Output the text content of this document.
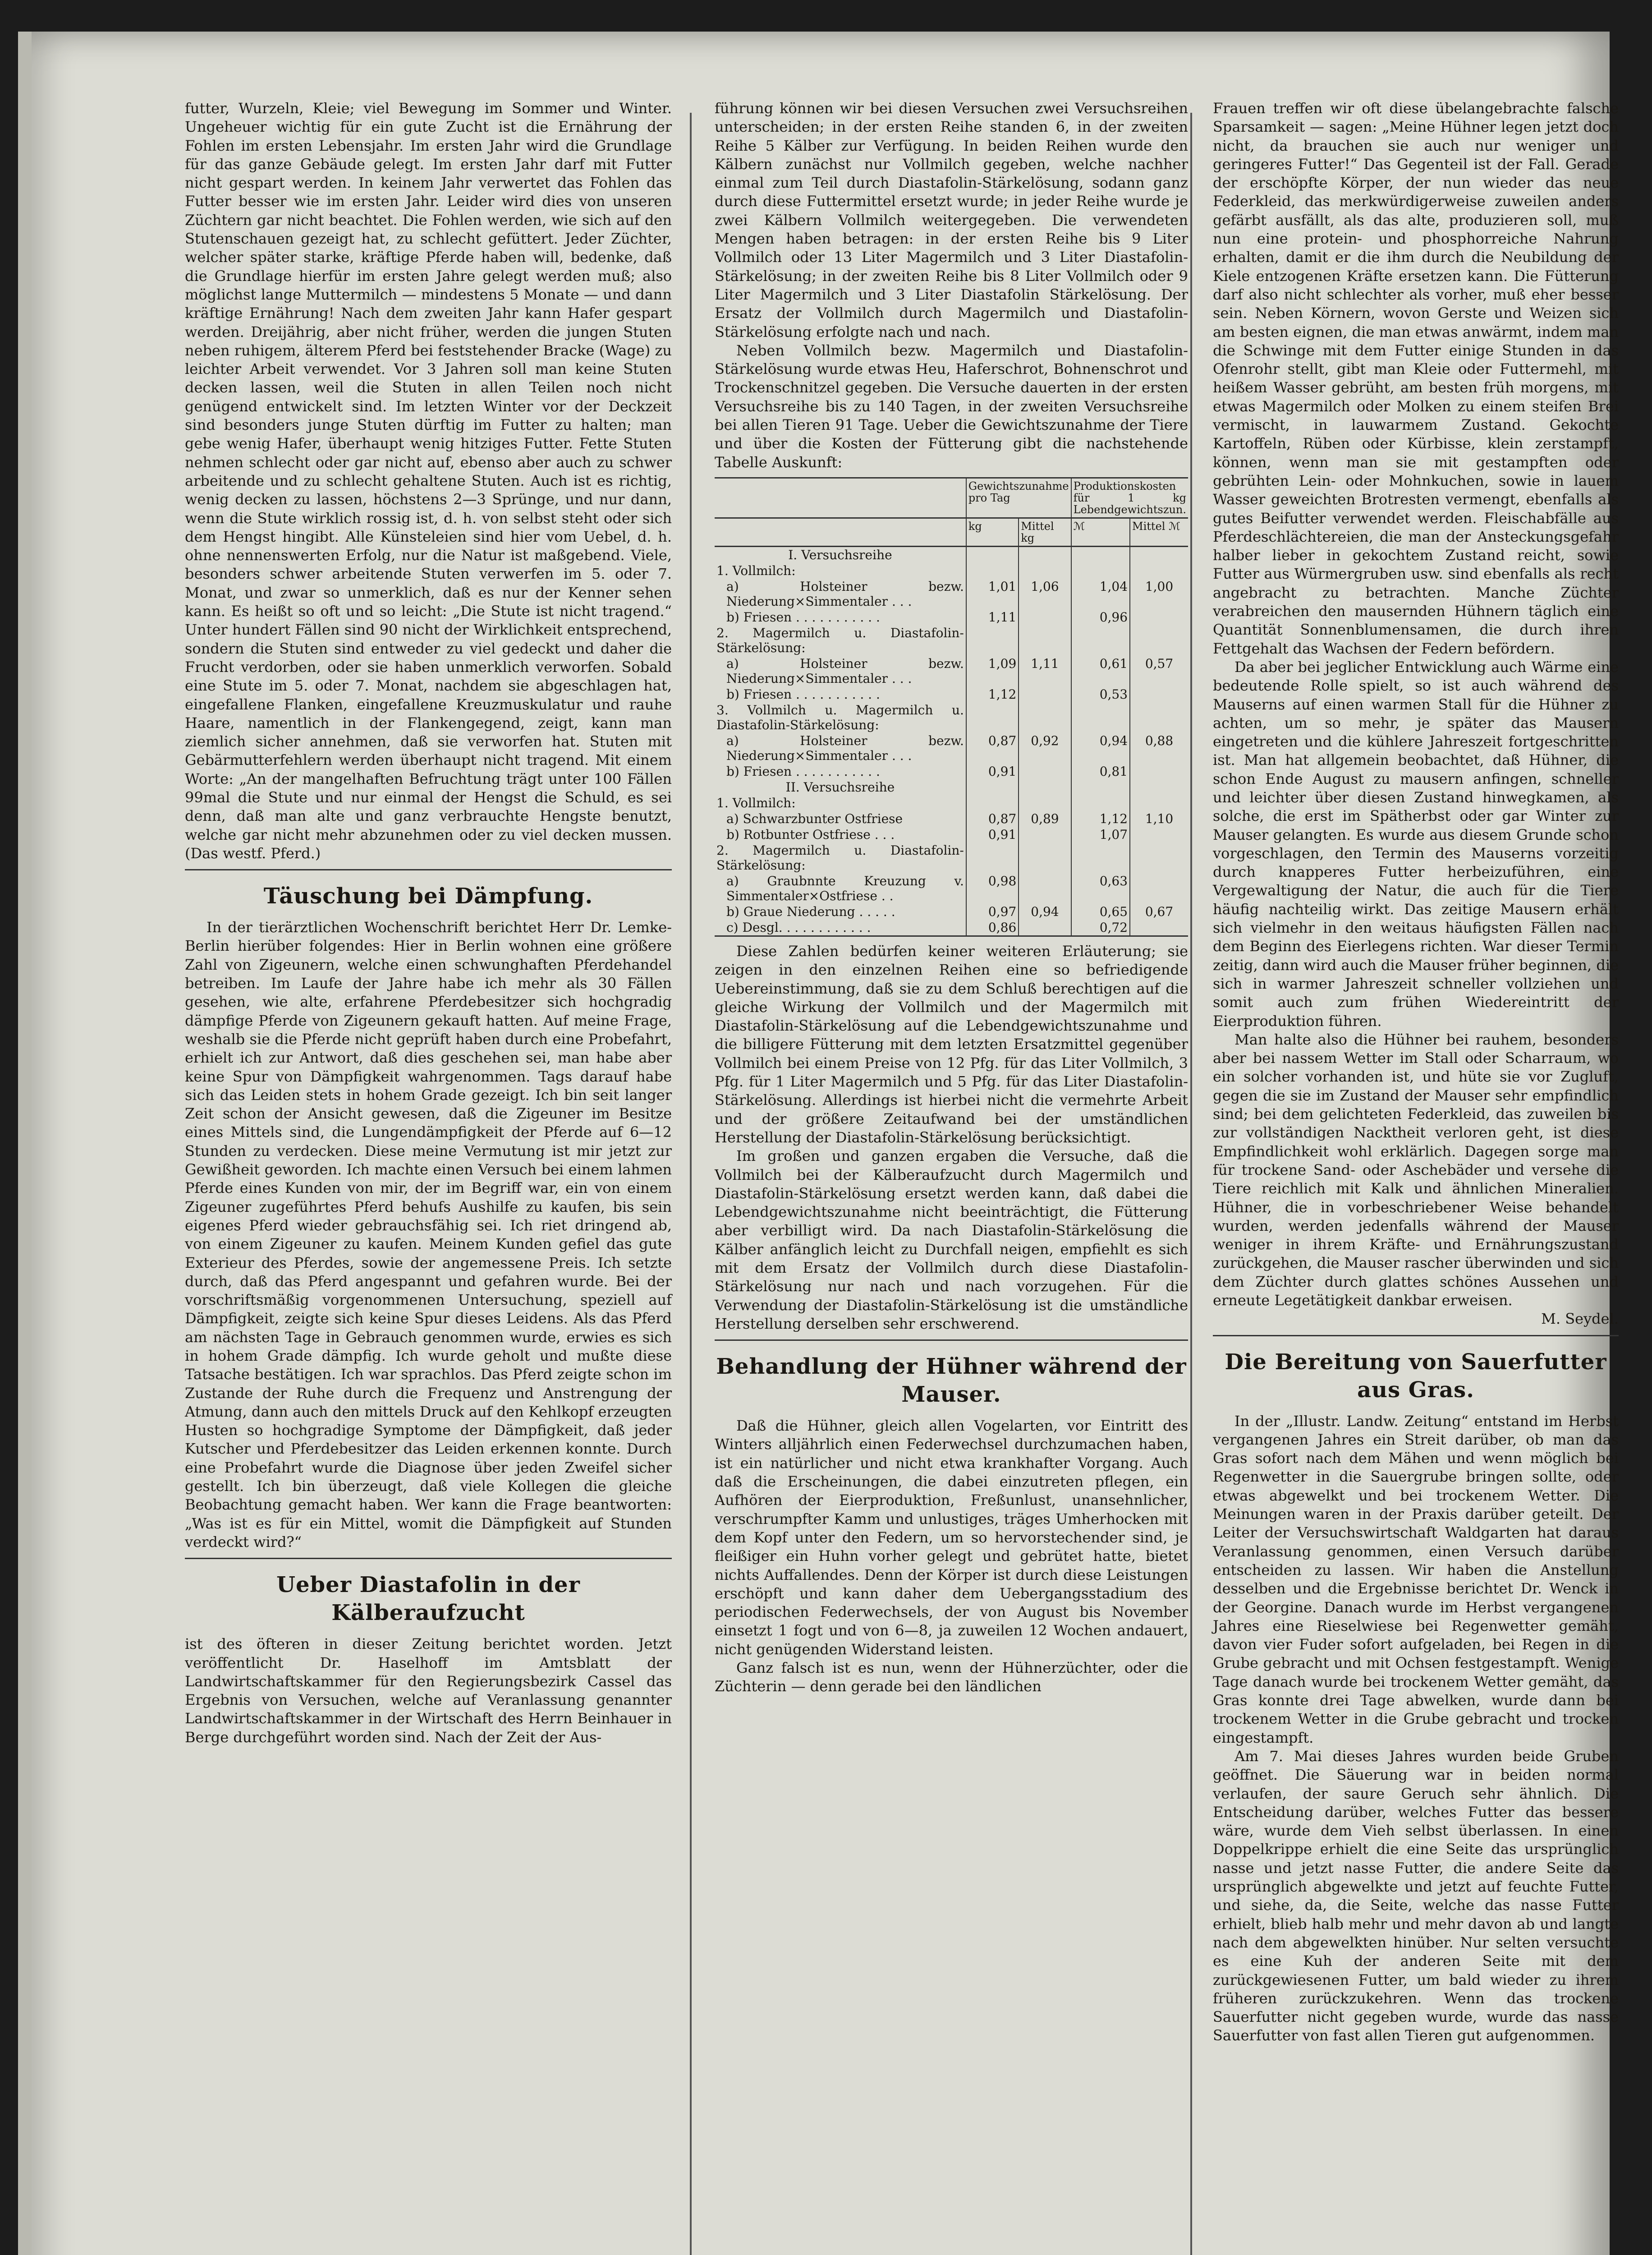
futter, Wurzeln, Kleie; viel Bewegung im Sommer und Winter. Ungeheuer wichtig für ein gute Zucht ist die Ernährung der Fohlen im ersten Lebensjahr. Im ersten Jahr wird die Grundlage für das ganze Gebäude gelegt. Im ersten Jahr darf mit Futter nicht gespart werden. In keinem Jahr verwertet das Fohlen das Futter besser wie im ersten Jahr. Leider wird dies von unseren Züchtern gar nicht beachtet. Die Fohlen werden, wie sich auf den Stutenschauen gezeigt hat, zu schlecht gefüttert. Jeder Züchter, welcher später starke, kräftige Pferde haben will, bedenke, daß die Grundlage hierfür im ersten Jahre gelegt werden muß; also möglichst lange Muttermilch — mindestens 5 Monate — und dann kräftige Ernährung! Nach dem zweiten Jahr kann Hafer gespart werden. Dreijährig, aber nicht früher, werden die jungen Stuten neben ruhigem, älterem Pferd bei feststehender Bracke (Wage) zu leichter Arbeit verwendet. Vor 3 Jahren soll man keine Stuten decken lassen, weil die Stuten in allen Teilen noch nicht genügend entwickelt sind. Im letzten Winter vor der Deckzeit sind besonders junge Stuten dürftig im Futter zu halten; man gebe wenig Hafer, überhaupt wenig hitziges Futter. Fette Stuten nehmen schlecht oder gar nicht auf, ebenso aber auch zu schwer arbeitende und zu schlecht gehaltene Stuten. Auch ist es richtig, wenig decken zu lassen, höchstens 2—3 Sprünge, und nur dann, wenn die Stute wirklich rossig ist, d. h. von selbst steht oder sich dem Hengst hingibt. Alle Künsteleien sind hier vom Uebel, d. h. ohne nennenswerten Erfolg, nur die Natur ist maßgebend. Viele, besonders schwer arbeitende Stuten verwerfen im 5. oder 7. Monat, und zwar so unmerklich, daß es nur der Kenner sehen kann. Es heißt so oft und so leicht: „Die Stute ist nicht tragend.“ Unter hundert Fällen sind 90 nicht der Wirklichkeit entsprechend, sondern die Stuten sind entweder zu viel gedeckt und daher die Frucht verdorben, oder sie haben unmerklich verworfen. Sobald eine Stute im 5. oder 7. Monat, nachdem sie abgeschlagen hat, eingefallene Flanken, eingefallene Kreuzmuskulatur und rauhe Haare, namentlich in der Flankengegend, zeigt, kann man ziemlich sicher annehmen, daß sie verworfen hat. Stuten mit Gebärmutterfehlern werden überhaupt nicht tragend. Mit einem Worte: „An der mangelhaften Befruchtung trägt unter 100 Fällen 99mal die Stute und nur einmal der Hengst die Schuld, es sei denn, daß man alte und ganz verbrauchte Hengste benutzt, welche gar nicht mehr abzunehmen oder zu viel decken mussen. (Das westf. Pferd.)

Täuschung bei Dämpfung.

In der tierärztlichen Wochenschrift berichtet Herr Dr. Lemke-Berlin hierüber folgendes: Hier in Berlin wohnen eine größere Zahl von Zigeunern, welche einen schwunghaften Pferdehandel betreiben. Im Laufe der Jahre habe ich mehr als 30 Fällen gesehen, wie alte, erfahrene Pferdebesitzer sich hochgradig dämpfige Pferde von Zigeunern gekauft hatten. Auf meine Frage, weshalb sie die Pferde nicht geprüft haben durch eine Probefahrt, erhielt ich zur Antwort, daß dies geschehen sei, man habe aber keine Spur von Dämpfigkeit wahrgenommen. Tags darauf habe sich das Leiden stets in hohem Grade gezeigt. Ich bin seit langer Zeit schon der Ansicht gewesen, daß die Zigeuner im Besitze eines Mittels sind, die Lungendämpfigkeit der Pferde auf 6—12 Stunden zu verdecken. Diese meine Vermutung ist mir jetzt zur Gewißheit geworden. Ich machte einen Versuch bei einem lahmen Pferde eines Kunden von mir, der im Begriff war, ein von einem Zigeuner zugeführtes Pferd behufs Aushilfe zu kaufen, bis sein eigenes Pferd wieder gebrauchsfähig sei. Ich riet dringend ab, von einem Zigeuner zu kaufen. Meinem Kunden gefiel das gute Exterieur des Pferdes, sowie der angemessene Preis. Ich setzte durch, daß das Pferd angespannt und gefahren wurde. Bei der vorschriftsmäßig vorgenommenen Untersuchung, speziell auf Dämpfigkeit, zeigte sich keine Spur dieses Leidens. Als das Pferd am nächsten Tage in Gebrauch genommen wurde, erwies es sich in hohem Grade dämpfig. Ich wurde geholt und mußte diese Tatsache bestätigen. Ich war sprachlos. Das Pferd zeigte schon im Zustande der Ruhe durch die Frequenz und Anstrengung der Atmung, dann auch den mittels Druck auf den Kehlkopf erzeugten Husten so hochgradige Symptome der Dämpfigkeit, daß jeder Kutscher und Pferdebesitzer das Leiden erkennen konnte. Durch eine Probefahrt wurde die Diagnose über jeden Zweifel sicher gestellt. Ich bin überzeugt, daß viele Kollegen die gleiche Beobachtung gemacht haben. Wer kann die Frage beantworten: „Was ist es für ein Mittel, womit die Dämpfigkeit auf Stunden verdeckt wird?“

Ueber Diastafolin in der Kälberaufzucht

ist des öfteren in dieser Zeitung berichtet worden. Jetzt veröffentlicht Dr. Haselhoff im Amtsblatt der Landwirtschaftskammer für den Regierungsbezirk Cassel das Ergebnis von Versuchen, welche auf Veranlassung genannter Landwirtschaftskammer in der Wirtschaft des Herrn Beinhauer in Berge durchgeführt worden sind. Nach der Zeit der Aus-

führung können wir bei diesen Versuchen zwei Versuchsreihen unterscheiden; in der ersten Reihe standen 6, in der zweiten Reihe 5 Kälber zur Verfügung. In beiden Reihen wurde den Kälbern zunächst nur Vollmilch gegeben, welche nachher einmal zum Teil durch Diastafolin-Stärkelösung, sodann ganz durch diese Futtermittel ersetzt wurde; in jeder Reihe wurde je zwei Kälbern Vollmilch weitergegeben. Die verwendeten Mengen haben betragen: in der ersten Reihe bis 9 Liter Vollmilch oder 13 Liter Magermilch und 3 Liter Diastafolin-Stärkelösung; in der zweiten Reihe bis 8 Liter Vollmilch oder 9 Liter Magermilch und 3 Liter Diastafolin Stärkelösung. Der Ersatz der Vollmilch durch Magermilch und Diastafolin-Stärkelösung erfolgte nach und nach.

Neben Vollmilch bezw. Magermilch und Diastafolin-Stärkelösung wurde etwas Heu, Haferschrot, Bohnenschrot und Trockenschnitzel gegeben. Die Versuche dauerten in der ersten Versuchsreihe bis zu 140 Tagen, in der zweiten Versuchsreihe bei allen Tieren 91 Tage. Ueber die Gewichtszunahme der Tiere und über die Kosten der Fütterung gibt die nachstehende Tabelle Auskunft:

	Gewichtszunahme pro Tag		Produktionskosten für 1 kg Lebendgewichtszun.	
	kg	Mittel kg	ℳ	Mittel ℳ
I. Versuchsreihe				
1. Vollmilch:				
a) Holsteiner bezw. Niederung×Simmentaler . . .	1,01	1,06	1,04	1,00
b) Friesen . . . . . . . . . . .	1,11		0,96	
2. Magermilch u. Diastafolin-Stärkelösung:				
a) Holsteiner bezw. Niederung×Simmentaler . . .	1,09	1,11	0,61	0,57
b) Friesen . . . . . . . . . . .	1,12		0,53	
3. Vollmilch u. Magermilch u. Diastafolin-Stärkelösung:				
a) Holsteiner bezw. Niederung×Simmentaler . . .	0,87	0,92	0,94	0,88
b) Friesen . . . . . . . . . . .	0,91		0,81	
II. Versuchsreihe				
1. Vollmilch:				
a) Schwarzbunter Ostfriese	0,87	0,89	1,12	1,10
b) Rotbunter Ostfriese . . .	0,91		1,07	
2. Magermilch u. Diastafolin-Stärkelösung:				
a) Graubnnte Kreuzung v. Simmentaler×Ostfriese . .	0,98		0,63	
b) Graue Niederung . . . . .	0,97	0,94	0,65	0,67
c) Desgl. . . . . . . . . . . .	0,86		0,72	

Diese Zahlen bedürfen keiner weiteren Erläuterung; sie zeigen in den einzelnen Reihen eine so befriedigende Uebereinstimmung, daß sie zu dem Schluß berechtigen auf die gleiche Wirkung der Vollmilch und der Magermilch mit Diastafolin-Stärkelösung auf die Lebendgewichtszunahme und die billigere Fütterung mit dem letzten Ersatzmittel gegenüber Vollmilch bei einem Preise von 12 Pfg. für das Liter Vollmilch, 3 Pfg. für 1 Liter Magermilch und 5 Pfg. für das Liter Diastafolin-Stärkelösung. Allerdings ist hierbei nicht die vermehrte Arbeit und der größere Zeitaufwand bei der umständlichen Herstellung der Diastafolin-Stärkelösung berücksichtigt.

Im großen und ganzen ergaben die Versuche, daß die Vollmilch bei der Kälberaufzucht durch Magermilch und Diastafolin-Stärkelösung ersetzt werden kann, daß dabei die Lebendgewichtszunahme nicht beeinträchtigt, die Fütterung aber verbilligt wird. Da nach Diastafolin-Stärkelösung die Kälber anfänglich leicht zu Durchfall neigen, empfiehlt es sich mit dem Ersatz der Vollmilch durch diese Diastafolin-Stärkelösung nur nach und nach vorzugehen. Für die Verwendung der Diastafolin-Stärkelösung ist die umständliche Herstellung derselben sehr erschwerend.

Behandlung der Hühner während der Mauser.

Daß die Hühner, gleich allen Vogelarten, vor Eintritt des Winters alljährlich einen Federwechsel durchzumachen haben, ist ein natürlicher und nicht etwa krankhafter Vorgang. Auch daß die Erscheinungen, die dabei einzutreten pflegen, ein Aufhören der Eierproduktion, Freßunlust, unansehnlicher, verschrumpfter Kamm und unlustiges, träges Umherhocken mit dem Kopf unter den Federn, um so hervorstechender sind, je fleißiger ein Huhn vorher gelegt und gebrütet hatte, bietet nichts Auffallendes. Denn der Körper ist durch diese Leistungen erschöpft und kann daher dem Uebergangsstadium des periodischen Federwechsels, der von August bis November einsetzt 1 fogt und von 6—8, ja zuweilen 12 Wochen andauert, nicht genügenden Widerstand leisten.

Ganz falsch ist es nun, wenn der Hühnerzüchter, oder die Züchterin — denn gerade bei den ländlichen

Frauen treffen wir oft diese übelangebrachte falsche Sparsamkeit — sagen: „Meine Hühner legen jetzt doch nicht, da brauchen sie auch nur weniger und geringeres Futter!“ Das Gegenteil ist der Fall. Gerade der erschöpfte Körper, der nun wieder das neue Federkleid, das merkwürdigerweise zuweilen anders gefärbt ausfällt, als das alte, produzieren soll, muß nun eine protein- und phosphorreiche Nahrung erhalten, damit er die ihm durch die Neubildung der Kiele entzogenen Kräfte ersetzen kann. Die Fütterung darf also nicht schlechter als vorher, muß eher besser sein. Neben Körnern, wovon Gerste und Weizen sich am besten eignen, die man etwas anwärmt, indem man die Schwinge mit dem Futter einige Stunden in das Ofenrohr stellt, gibt man Kleie oder Futtermehl, mit heißem Wasser gebrüht, am besten früh morgens, mit etwas Magermilch oder Molken zu einem steifen Brei vermischt, in lauwarmem Zustand. Gekochte Kartoffeln, Rüben oder Kürbisse, klein zerstampft, können, wenn man sie mit gestampften oder gebrühten Lein- oder Mohnkuchen, sowie in lauem Wasser geweichten Brotresten vermengt, ebenfalls als gutes Beifutter verwendet werden. Fleischabfälle aus Pferdeschlächtereien, die man der Ansteckungsgefahr halber lieber in gekochtem Zustand reicht, sowie Futter aus Würmergruben usw. sind ebenfalls als recht angebracht zu betrachten. Manche Züchter verabreichen den mausernden Hühnern täglich eine Quantität Sonnenblumensamen, die durch ihren Fettgehalt das Wachsen der Federn befördern.

Da aber bei jeglicher Entwicklung auch Wärme eine bedeutende Rolle spielt, so ist auch während des Mauserns auf einen warmen Stall für die Hühner zu achten, um so mehr, je später das Mausern eingetreten und die kühlere Jahreszeit fortgeschritten ist. Man hat allgemein beobachtet, daß Hühner, die schon Ende August zu mausern anfingen, schneller und leichter über diesen Zustand hinwegkamen, als solche, die erst im Spätherbst oder gar Winter zur Mauser gelangten. Es wurde aus diesem Grunde schon vorgeschlagen, den Termin des Mauserns vorzeitig durch knapperes Futter herbeizuführen, eine Vergewaltigung der Natur, die auch für die Tiere häufig nachteilig wirkt. Das zeitige Mausern erhält sich vielmehr in den weitaus häufigsten Fällen nach dem Beginn des Eierlegens richten. War dieser Termin zeitig, dann wird auch die Mauser früher beginnen, die sich in warmer Jahreszeit schneller vollziehen und somit auch zum frühen Wiedereintritt der Eierproduktion führen.

Man halte also die Hühner bei rauhem, besonders aber bei nassem Wetter im Stall oder Scharraum, wo ein solcher vorhanden ist, und hüte sie vor Zugluft, gegen die sie im Zustand der Mauser sehr empfindlich sind; bei dem gelichteten Federkleid, das zuweilen bis zur vollständigen Nacktheit verloren geht, ist diese Empfindlichkeit wohl erklärlich. Dagegen sorge man für trockene Sand- oder Aschebäder und versehe die Tiere reichlich mit Kalk und ähnlichen Mineralien. Hühner, die in vorbeschriebener Weise behandelt wurden, werden jedenfalls während der Mauser weniger in ihrem Kräfte- und Ernährungszustand zurückgehen, die Mauser rascher überwinden und sich dem Züchter durch glattes schönes Aussehen und erneute Legetätigkeit dankbar erweisen.

M. Seydel.
Die Bereitung von Sauerfutter aus Gras.

In der „Illustr. Landw. Zeitung“ entstand im Herbst vergangenen Jahres ein Streit darüber, ob man das Gras sofort nach dem Mähen und wenn möglich bei Regenwetter in die Sauergrube bringen sollte, oder etwas abgewelkt und bei trockenem Wetter. Die Meinungen waren in der Praxis darüber geteilt. Der Leiter der Versuchswirtschaft Waldgarten hat daraus Veranlassung genommen, einen Versuch darüber entscheiden zu lassen. Wir haben die Anstellung desselben und die Ergebnisse berichtet Dr. Wenck in der Georgine. Danach wurde im Herbst vergangenen Jahres eine Rieselwiese bei Regenwetter gemäht, davon vier Fuder sofort aufgeladen, bei Regen in die Grube gebracht und mit Ochsen festgestampft. Wenige Tage danach wurde bei trockenem Wetter gemäht, das Gras konnte drei Tage abwelken, wurde dann bei trockenem Wetter in die Grube gebracht und trocken eingestampft.

Am 7. Mai dieses Jahres wurden beide Gruben geöffnet. Die Säuerung war in beiden normal verlaufen, der saure Geruch sehr ähnlich. Die Entscheidung darüber, welches Futter das bessere wäre, wurde dem Vieh selbst überlassen. In einen Doppelkrippe erhielt die eine Seite das ursprünglich nasse und jetzt nasse Futter, die andere Seite das ursprünglich abgewelkte und jetzt auf feuchte Futter, und siehe, da, die Seite, welche das nasse Futter erhielt, blieb halb mehr und mehr davon ab und langte nach dem abgewelkten hinüber. Nur selten versuchte es eine Kuh der anderen Seite mit dem zurückgewiesenen Futter, um bald wieder zu ihrem früheren zurückzukehren. Wenn das trockene Sauerfutter nicht gegeben wurde, wurde das nasse Sauerfutter von fast allen Tieren gut aufgenommen.
